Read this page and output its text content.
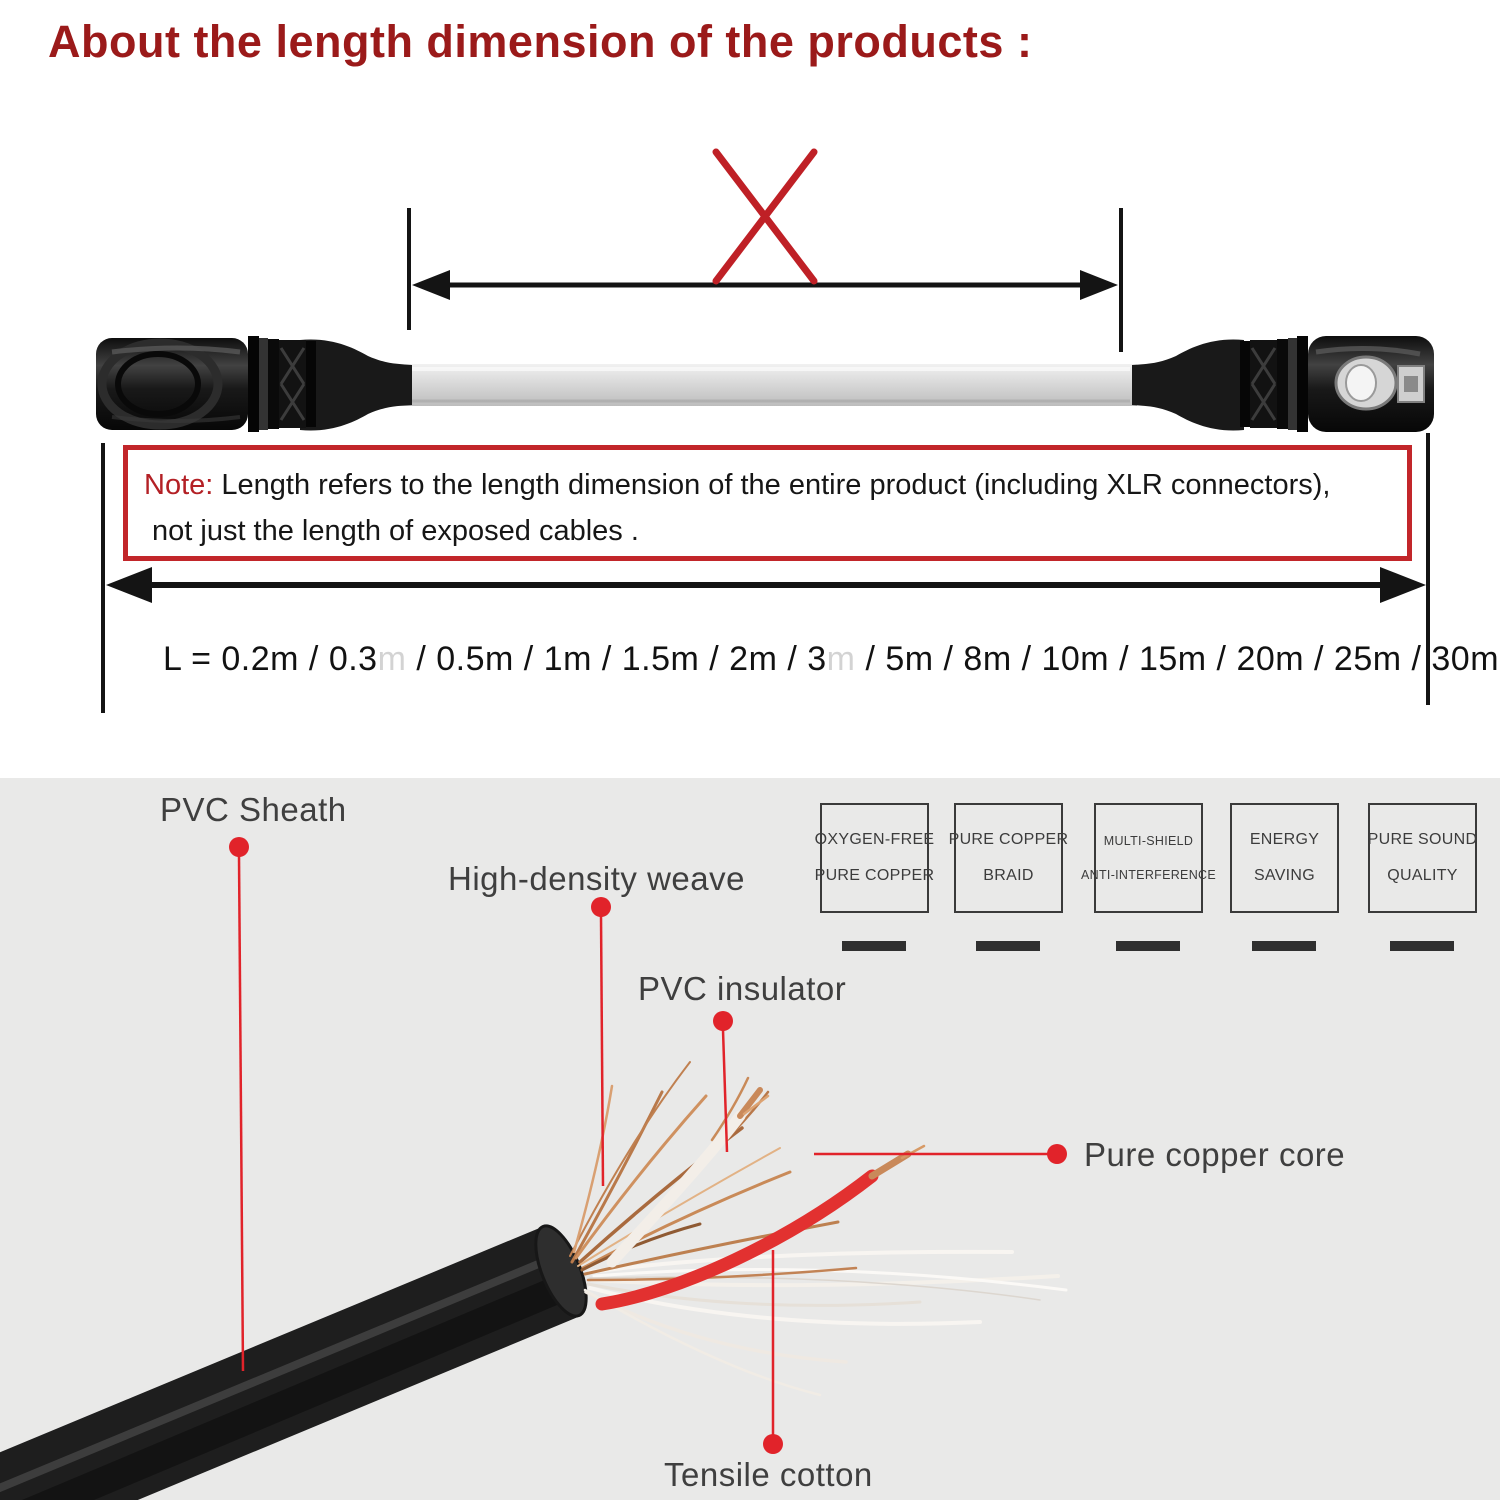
About the length dimension of the products :
Note: Length refers to the length dimension of the entire product (including XLR connectors),
not just the length of exposed cables .
L = 0.2m / 0.3m / 0.5m / 1m / 1.5m / 2m / 3m / 5m / 8m / 10m / 15m / 20m / 25m / 30m
PVC Sheath
High-density weave
PVC insulator
Pure copper core
Tensile cotton
OXYGEN-FREE
PURE COPPER
PURE COPPER
BRAID
MULTI-SHIELD
ANTI-INTERFERENCE
ENERGY
SAVING
PURE SOUND
QUALITY
